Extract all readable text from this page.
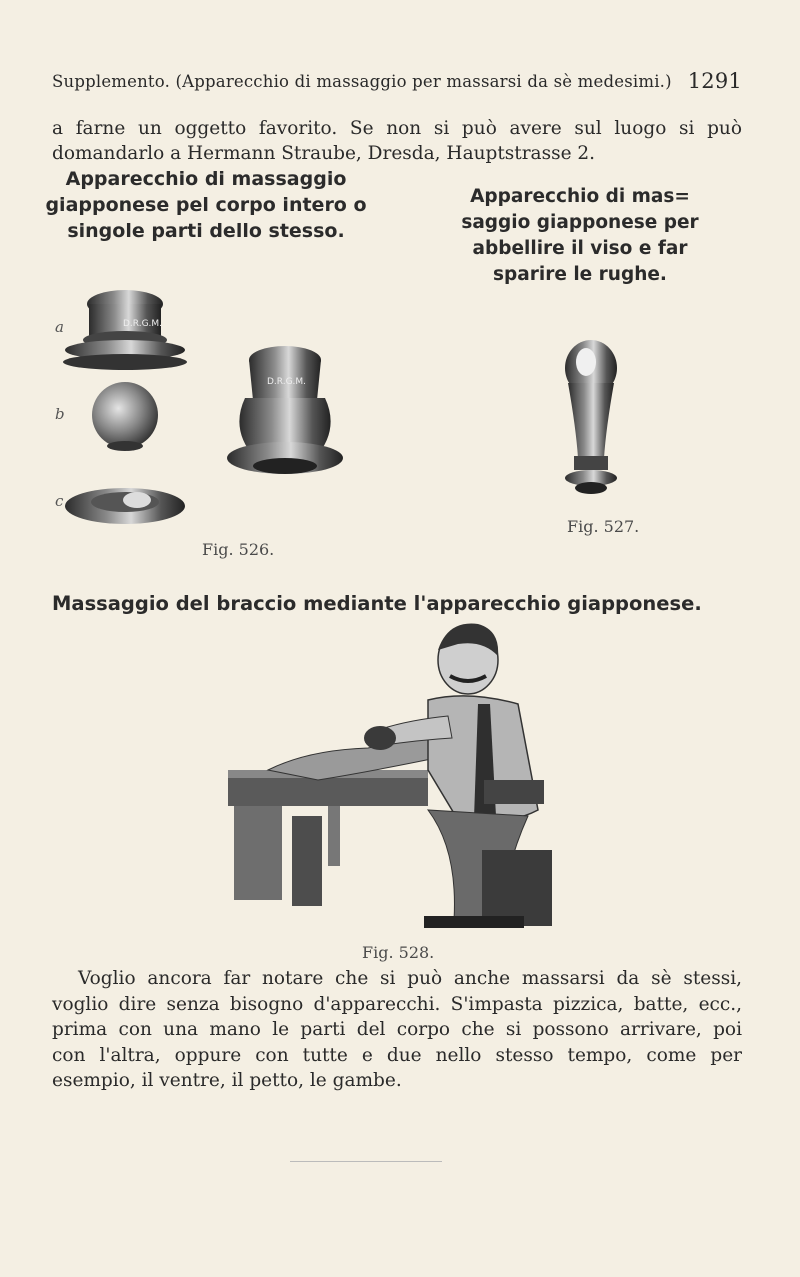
Supplemento. (Apparecchio di massaggio per massarsi da sè medesimi.) 1291
a farne un oggetto favorito. Se non si può avere sul luogo si può
domandarlo a Hermann Straube, Dresda, Hauptstrasse 2.
Apparecchio di massaggio
giapponese pel corpo intero o
singole parti dello stesso.
Apparecchio di mas=
saggio giapponese per
abbellire il viso e far
sparire le rughe.
a
b
c
D.R.G.M.
D.R.G.M.
Fig. 526.
Fig. 527.
Massaggio del braccio mediante l'apparecchio giapponese.
Fig. 528.
Voglio ancora far notare che si può anche massarsi da sè stessi,
voglio dire senza bisogno d'apparecchi. S'impasta pizzica, batte, ecc.,
prima con una mano le parti del corpo che si possono arrivare, poi
con l'altra, oppure con tutte e due nello stesso tempo, come per
esempio, il ventre, il petto, le gambe.
